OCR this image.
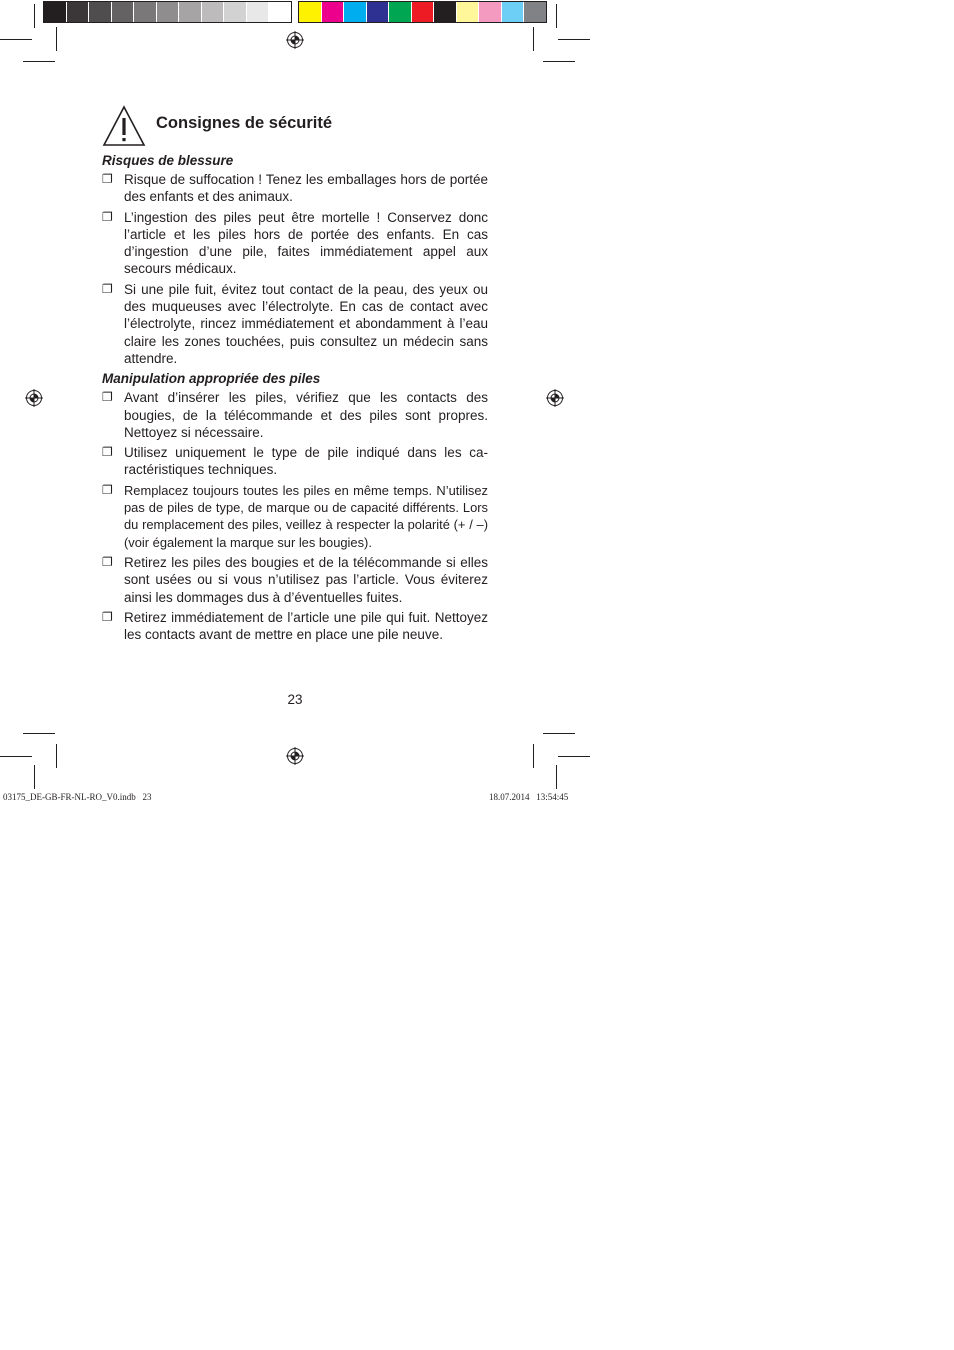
Consignes de sécurité
Risques de blessure
❐ Risque de suffocation ! Tenez les emballages hors de portée des enfants et des animaux.
❐ L’ingestion des piles peut être mortelle ! Conservez donc l’article et les piles hors de portée des enfants. En cas d’ingestion d’une pile, faites immédiatement appel aux secours médicaux.
❐ Si une pile fuit, évitez tout contact de la peau, des yeux ou des muqueuses avec l’électrolyte. En cas de contact avec l’électrolyte, rincez immédiatement et abondamment à l’eau claire les zones touchées, puis consultez un médecin sans attendre.
Manipulation appropriée des piles
❐ Avant d’insérer les piles, vérifiez que les contacts des bougies, de la télécommande et des piles sont propres. Nettoyez si nécessaire.
❐ Utilisez uniquement le type de pile indiqué dans les caractéristiques techniques.
❐ Remplacez toujours toutes les piles en même temps. N’utilisez pas de piles de type, de marque ou de capacité différents. Lors du remplacement des piles, veillez à respecter la polarité (+ / –) (voir également la marque sur les bougies).
❐ Retirez les piles des bougies et de la télécommande si elles sont usées ou si vous n’utilisez pas l’article. Vous éviterez ainsi les dommages dus à d’éventuelles fuites.
❐ Retirez immédiatement de l’article une pile qui fuit. Nettoyez les contacts avant de mettre en place une pile neuve.
23
03175_DE-GB-FR-NL-RO_V0.indb   23	18.07.2014   13:54:45
